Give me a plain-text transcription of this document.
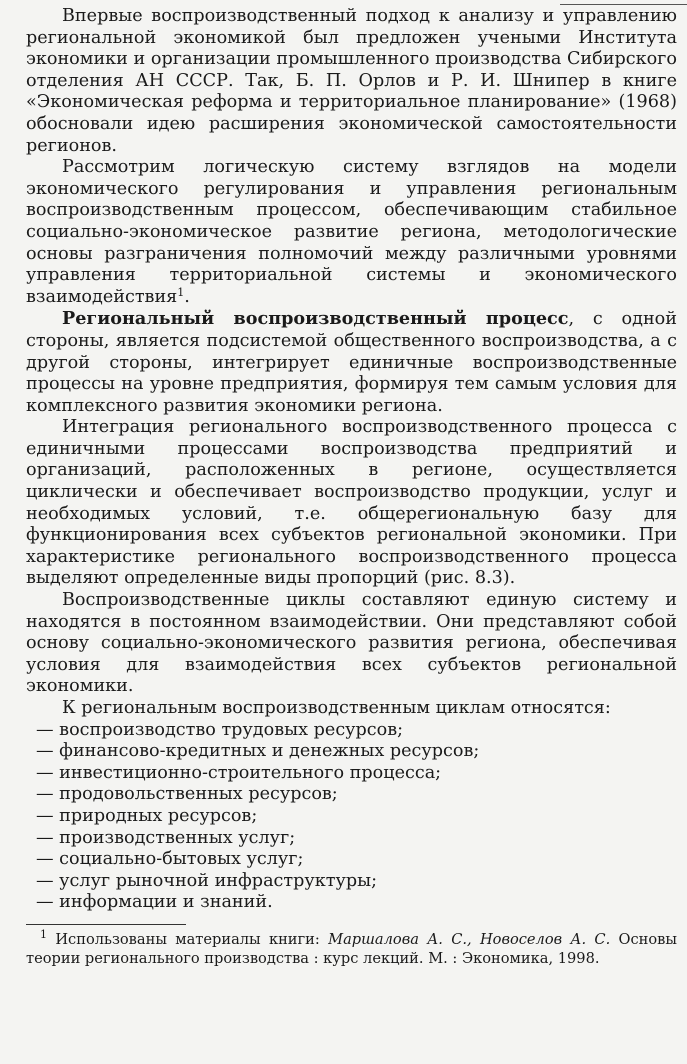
Впервые воспроизводственный подход к анализу и управлению региональной экономикой был предложен учеными Института экономики и организации промышленного производства Сибирского отделения АН СССР. Так, Б. П. Орлов и Р. И. Шнипер в книге «Экономическая реформа и территориальное планирование» (1968) обосновали идею расширения экономической самостоятельности регионов.

Рассмотрим логическую систему взглядов на модели экономического регулирования и управления региональным воспроизводственным процессом, обеспечивающим стабильное социально-экономическое развитие региона, методологические основы разграничения полномочий между различными уровнями управления территориальной системы и экономического взаимодействия$^1$.

Региональный воспроизводственный процесс, с одной стороны, является подсистемой общественного воспроизводства, а с другой стороны, интегрирует единичные воспроизводственные процессы на уровне предприятия, формируя тем самым условия для комплексного развития экономики региона.

Интеграция регионального воспроизводственного процесса с единичными процессами воспроизводства предприятий и организаций, расположенных в регионе, осуществляется циклически и обеспечивает воспроизводство продукции, услуг и необходимых условий, т.е. общерегиональную базу для функционирования всех субъектов региональной экономики. При характеристике регионального воспроизводственного процесса выделяют определенные виды пропорций (рис. 8.3).

Воспроизводственные циклы составляют единую систему и находятся в постоянном взаимодействии. Они представляют собой основу социально-экономического развития региона, обеспечивая условия для взаимодействия всех субъектов региональной экономики.

К региональным воспроизводственным циклам относятся:

— воспроизводство трудовых ресурсов;
— финансово-кредитных и денежных ресурсов;
— инвестиционно-строительного процесса;
— продовольственных ресурсов;
— природных ресурсов;
— производственных услуг;
— социально-бытовых услуг;
— услуг рыночной инфраструктуры;
— информации и знаний.

$^1$ Использованы материалы книги: Маршалова А. С., Новоселов А. С. Основы теории регионального производства : курс лекций. М. : Экономика, 1998.
